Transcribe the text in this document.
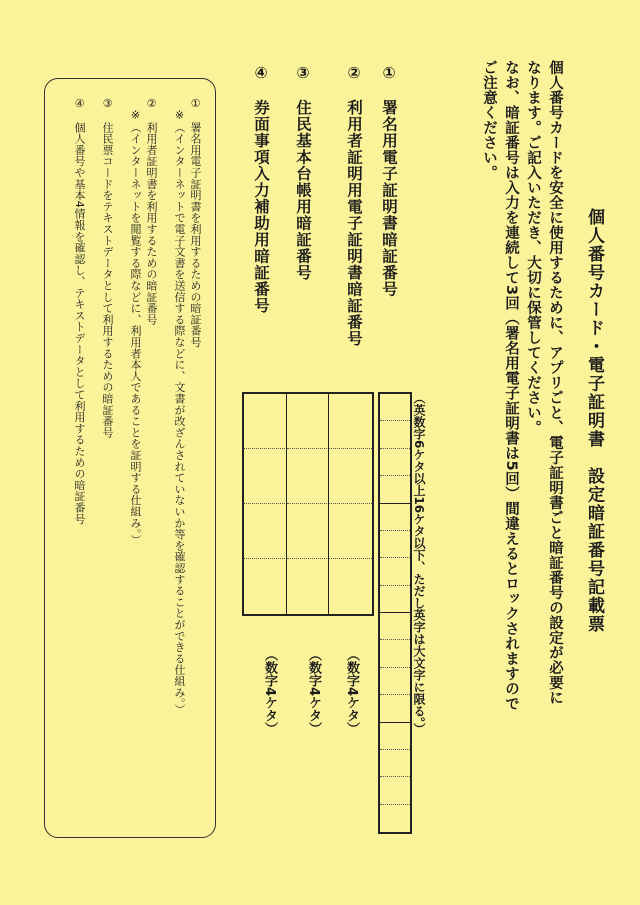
個人番号カード・電子証明書　設定暗証番号記載票
個人番号カードを安全に使用するために、アプリごと、電子証明書ごと暗証番号の設定が必要に
なります。ご記入いただき、大切に保管してください。
なお、暗証番号は入力を連続して3回（署名用電子証明書は5回）間違えるとロックされますので
ご注意ください。
①　署名用電子証明書暗証番号
②　利用者証明用電子証明書暗証番号
③　住民基本台帳用暗証番号
④　券面事項入力補助用暗証番号
（英数字6ケタ以上16ケタ以下、ただし英字は大文字に限る。）
（数字4ケタ）
（数字4ケタ）
（数字4ケタ）
①　署名用電子証明書を利用するための暗証番号
　※（インターネットで電子文書を送信する際などに、文書が改ざんされていないか等を確認することができる仕組み。）
②　利用者証明書を利用するための暗証番号
　※（インターネットを閲覧する際などに、利用者本人であることを証明する仕組み。）
③　住民票コードをテキストデータとして利用するための暗証番号
④　個人番号や基本4情報を確認し、テキストデータとして利用するための暗証番号
